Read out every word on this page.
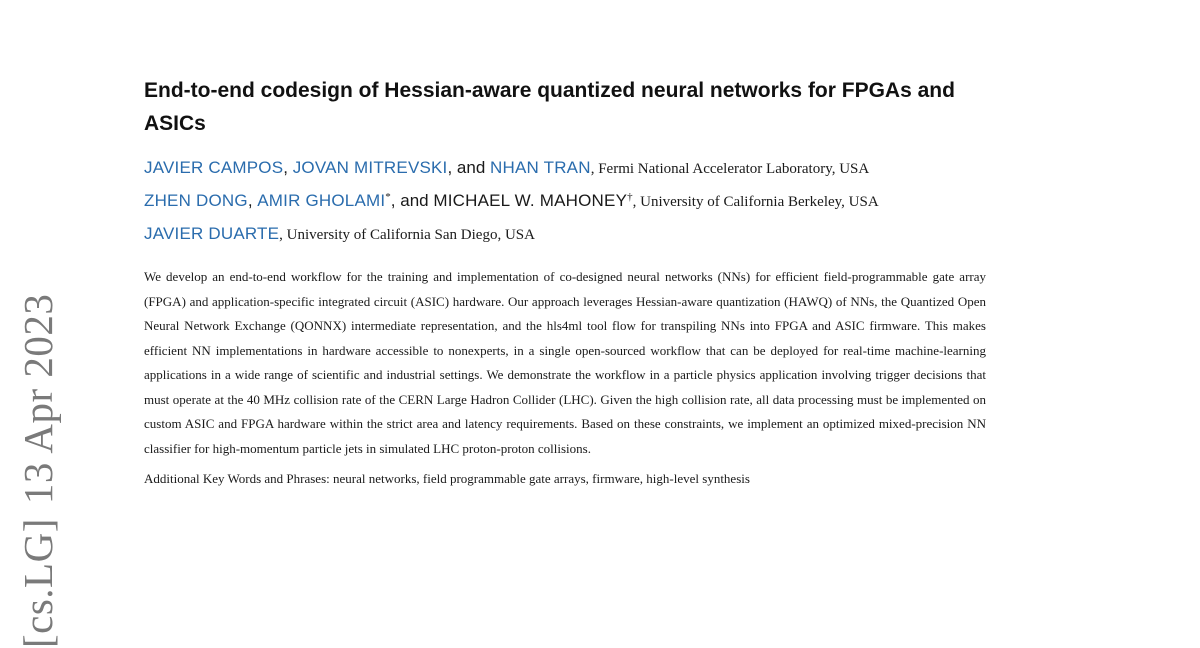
[cs.LG]13 Apr 2023
End-to-end codesign of Hessian-aware quantized neural networks for FPGAs and ASICs
JAVIER CAMPOS, JOVAN MITREVSKI, and NHAN TRAN, Fermi National Accelerator Laboratory, USA
ZHEN DONG, AMIR GHOLAMI*, and MICHAEL W. MAHONEY†, University of California Berkeley, USA
JAVIER DUARTE, University of California San Diego, USA

We develop an end-to-end workflow for the training and implementation of co-designed neural networks (NNs) for efficient field-programmable gate array (FPGA) and application-specific integrated circuit (ASIC) hardware. Our approach leverages Hessian-aware quantization (HAWQ) of NNs, the Quantized Open Neural Network Exchange (QONNX) intermediate representation, and the hls4ml tool flow for transpiling NNs into FPGA and ASIC firmware. This makes efficient NN implementations in hardware accessible to nonexperts, in a single open-sourced workflow that can be deployed for real-time machine-learning applications in a wide range of scientific and industrial settings. We demonstrate the workflow in a particle physics application involving trigger decisions that must operate at the 40 MHz collision rate of the CERN Large Hadron Collider (LHC). Given the high collision rate, all data processing must be implemented on custom ASIC and FPGA hardware within the strict area and latency requirements. Based on these constraints, we implement an optimized mixed-precision NN classifier for high-momentum particle jets in simulated LHC proton-proton collisions.

Additional Key Words and Phrases: neural networks, field programmable gate arrays, firmware, high-level synthesis
